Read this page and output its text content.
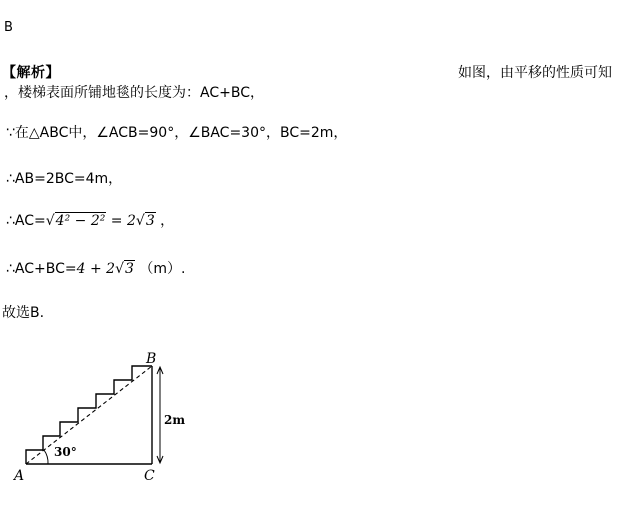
B
【解析】	如图，由平移的性质可知
，楼梯表面所铺地毯的长度为：AC+BC，
∵在△ABC中，∠ACB=90°，∠BAC=30°，BC=2m，
∴AB=2BC=4m，
∴AC=√4² − 2² = 2√3 ，
∴AC+BC=4 + 2√3 （m）.
故选B.
A
B
C
30°
2m
